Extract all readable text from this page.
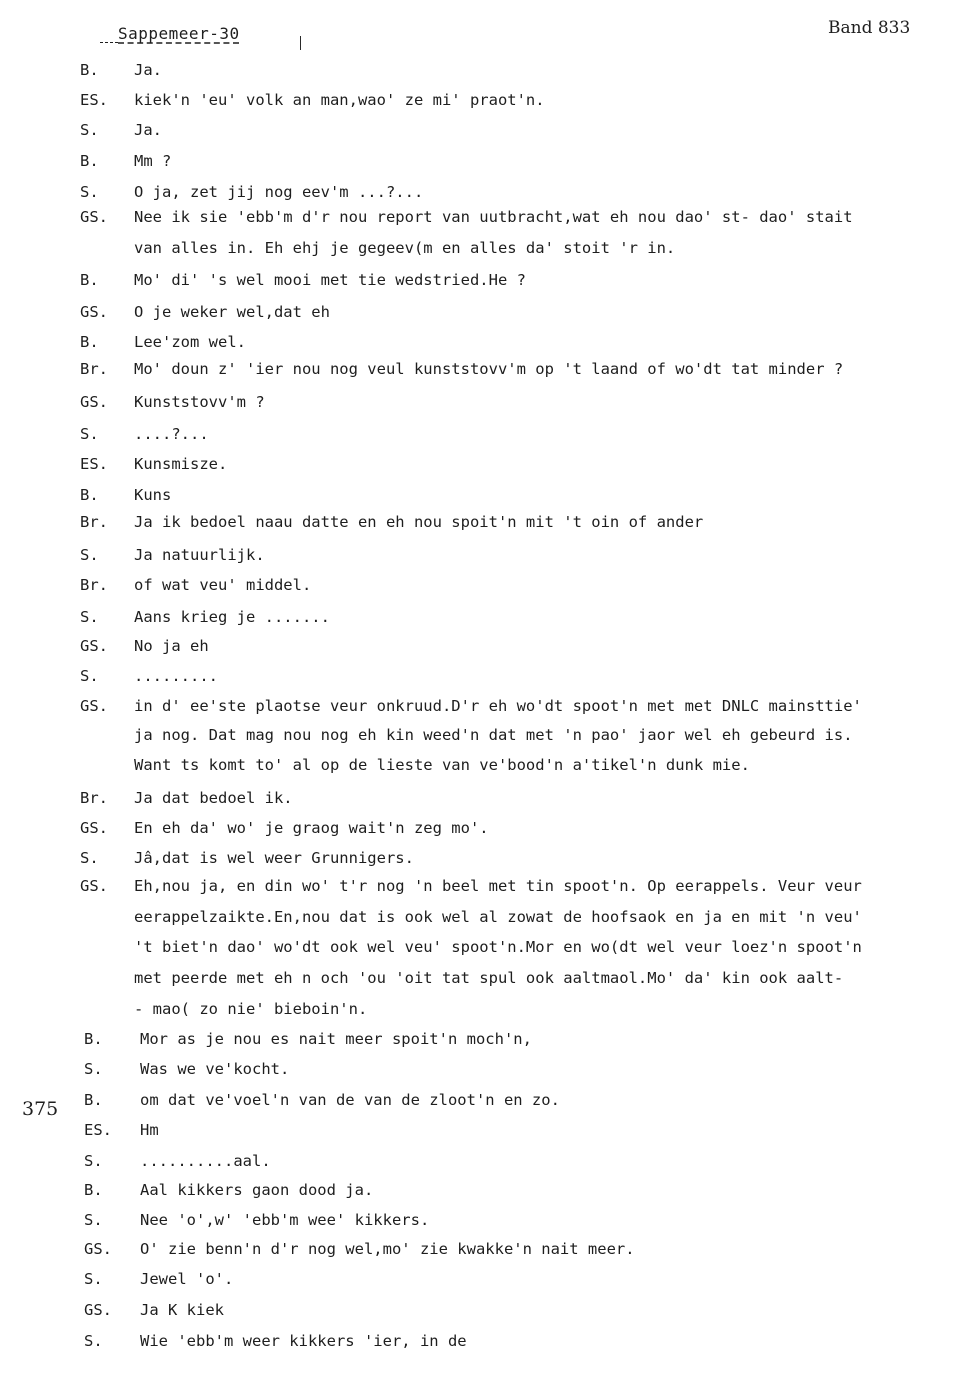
Sappemeer-30	Band 833
375
B. Ja.
ES. kiek'n 'eu' volk an man,wao' ze mi' praot'n.
S. Ja.
B. Mm ?
S. O ja, zet jij nog eev'm ...?...
GS. Nee ik sie 'ebb'm d'r nou report van uutbracht,wat eh nou dao' st- dao' stait
van alles in. Eh ehj je gegeev(m en alles da' stoit 'r in.
B. Mo' di' 's wel mooi met tie wedstried.He ?
GS. O je weker wel,dat eh
B. Lee'zom wel.
Br. Mo' doun z' 'ier nou nog veul kunststovv'm op 't laand of wo'dt tat minder ?
GS. Kunststovv'm ?
S. ....?...
ES. Kunsmisze.
B. Kuns
Br. Ja ik bedoel naau datte en eh nou spoit'n mit 't oin of ander
S. Ja natuurlijk.
Br. of wat veu' middel.
S. Aans krieg je .......
GS. No ja eh
S. .........
GS. in d' ee'ste plaotse veur onkruud.D'r eh wo'dt spoot'n met met DNLC mainsttie'
ja nog. Dat mag nou nog eh kin weed'n dat met 'n pao' jaor wel eh gebeurd is.
Want ts komt to' al op de lieste van ve'bood'n a'tikel'n dunk mie.
Br. Ja dat bedoel ik.
GS. En eh da' wo' je graog wait'n zeg mo'.
S. Jâ,dat is wel weer Grunnigers.
GS. Eh,nou ja, en din wo' t'r nog 'n beel met tin spoot'n. Op eerappels. Veur veur
eerappelzaikte.En,nou dat is ook wel al zowat de hoofsaok en ja en mit 'n veu'
't biet'n dao' wo'dt ook wel veu' spoot'n.Mor en wo(dt wel veur loez'n spoot'n
met peerde met eh n och 'ou 'oit tat spul ook aaltmaol.Mo' da' kin ook aalt-
- mao( zo nie' bieboin'n.
B. Mor as je nou es nait meer spoit'n moch'n,
S. Was we ve'kocht.
B. om dat ve'voel'n van de van de zloot'n en zo.
ES. Hm
S. ..........aal.
B. Aal kikkers gaon dood ja.
S. Nee 'o',w' 'ebb'm wee' kikkers.
GS. O' zie benn'n d'r nog wel,mo' zie kwakke'n nait meer.
S. Jewel 'o'.
GS. Ja K kiek
S. Wie 'ebb'm weer kikkers 'ier, in de
